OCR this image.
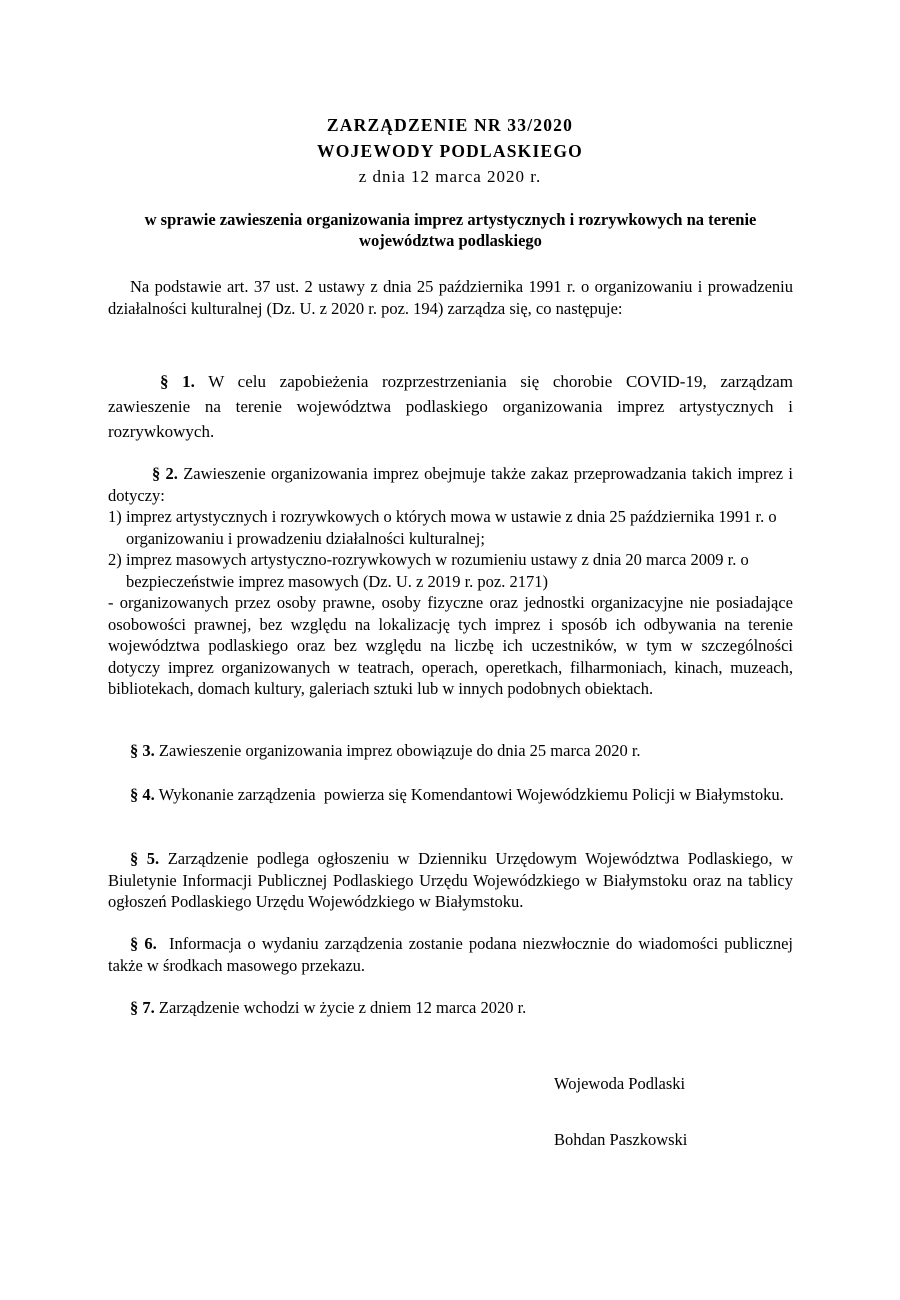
ZARZĄDZENIE NR 33/2020
WOJEWODY PODLASKIEGO
z dnia 12 marca 2020 r.
w sprawie zawieszenia organizowania imprez artystycznych i rozrywkowych na terenie województwa podlaskiego
Na podstawie art. 37 ust. 2 ustawy z dnia 25 października 1991 r. o organizowaniu i prowadzeniu działalności kulturalnej (Dz. U. z 2020 r. poz. 194) zarządza się, co następuje:
§ 1. W celu zapobieżenia rozprzestrzeniania się chorobie COVID-19, zarządzam zawieszenie na terenie województwa podlaskiego organizowania imprez artystycznych i rozrywkowych.
§ 2. Zawieszenie organizowania imprez obejmuje także zakaz przeprowadzania takich imprez i dotyczy:
1) imprez artystycznych i rozrywkowych o których mowa w ustawie z dnia 25 października 1991 r. o organizowaniu i prowadzeniu działalności kulturalnej;
2) imprez masowych artystyczno-rozrywkowych w rozumieniu ustawy z dnia 20 marca 2009 r. o bezpieczeństwie imprez masowych (Dz. U. z 2019 r. poz. 2171)
- organizowanych przez osoby prawne, osoby fizyczne oraz jednostki organizacyjne nie posiadające osobowości prawnej, bez względu na lokalizację tych imprez i sposób ich odbywania na terenie województwa podlaskiego oraz bez względu na liczbę ich uczestników, w tym w szczególności dotyczy imprez organizowanych w teatrach, operach, operetkach, filharmoniach, kinach, muzeach, bibliotekach, domach kultury, galeriach sztuki lub w innych podobnych obiektach.
§ 3. Zawieszenie organizowania imprez obowiązuje do dnia 25 marca 2020 r.
§ 4. Wykonanie zarządzenia  powierza się Komendantowi Wojewódzkiemu Policji w Białymstoku.
§ 5. Zarządzenie podlega ogłoszeniu w Dzienniku Urzędowym Województwa Podlaskiego, w Biuletynie Informacji Publicznej Podlaskiego Urzędu Wojewódzkiego w Białymstoku oraz na tablicy ogłoszeń Podlaskiego Urzędu Wojewódzkiego w Białymstoku.
§ 6.  Informacja o wydaniu zarządzenia zostanie podana niezwłocznie do wiadomości publicznej także w środkach masowego przekazu.
§ 7. Zarządzenie wchodzi w życie z dniem 12 marca 2020 r.
Wojewoda Podlaski
Bohdan Paszkowski
